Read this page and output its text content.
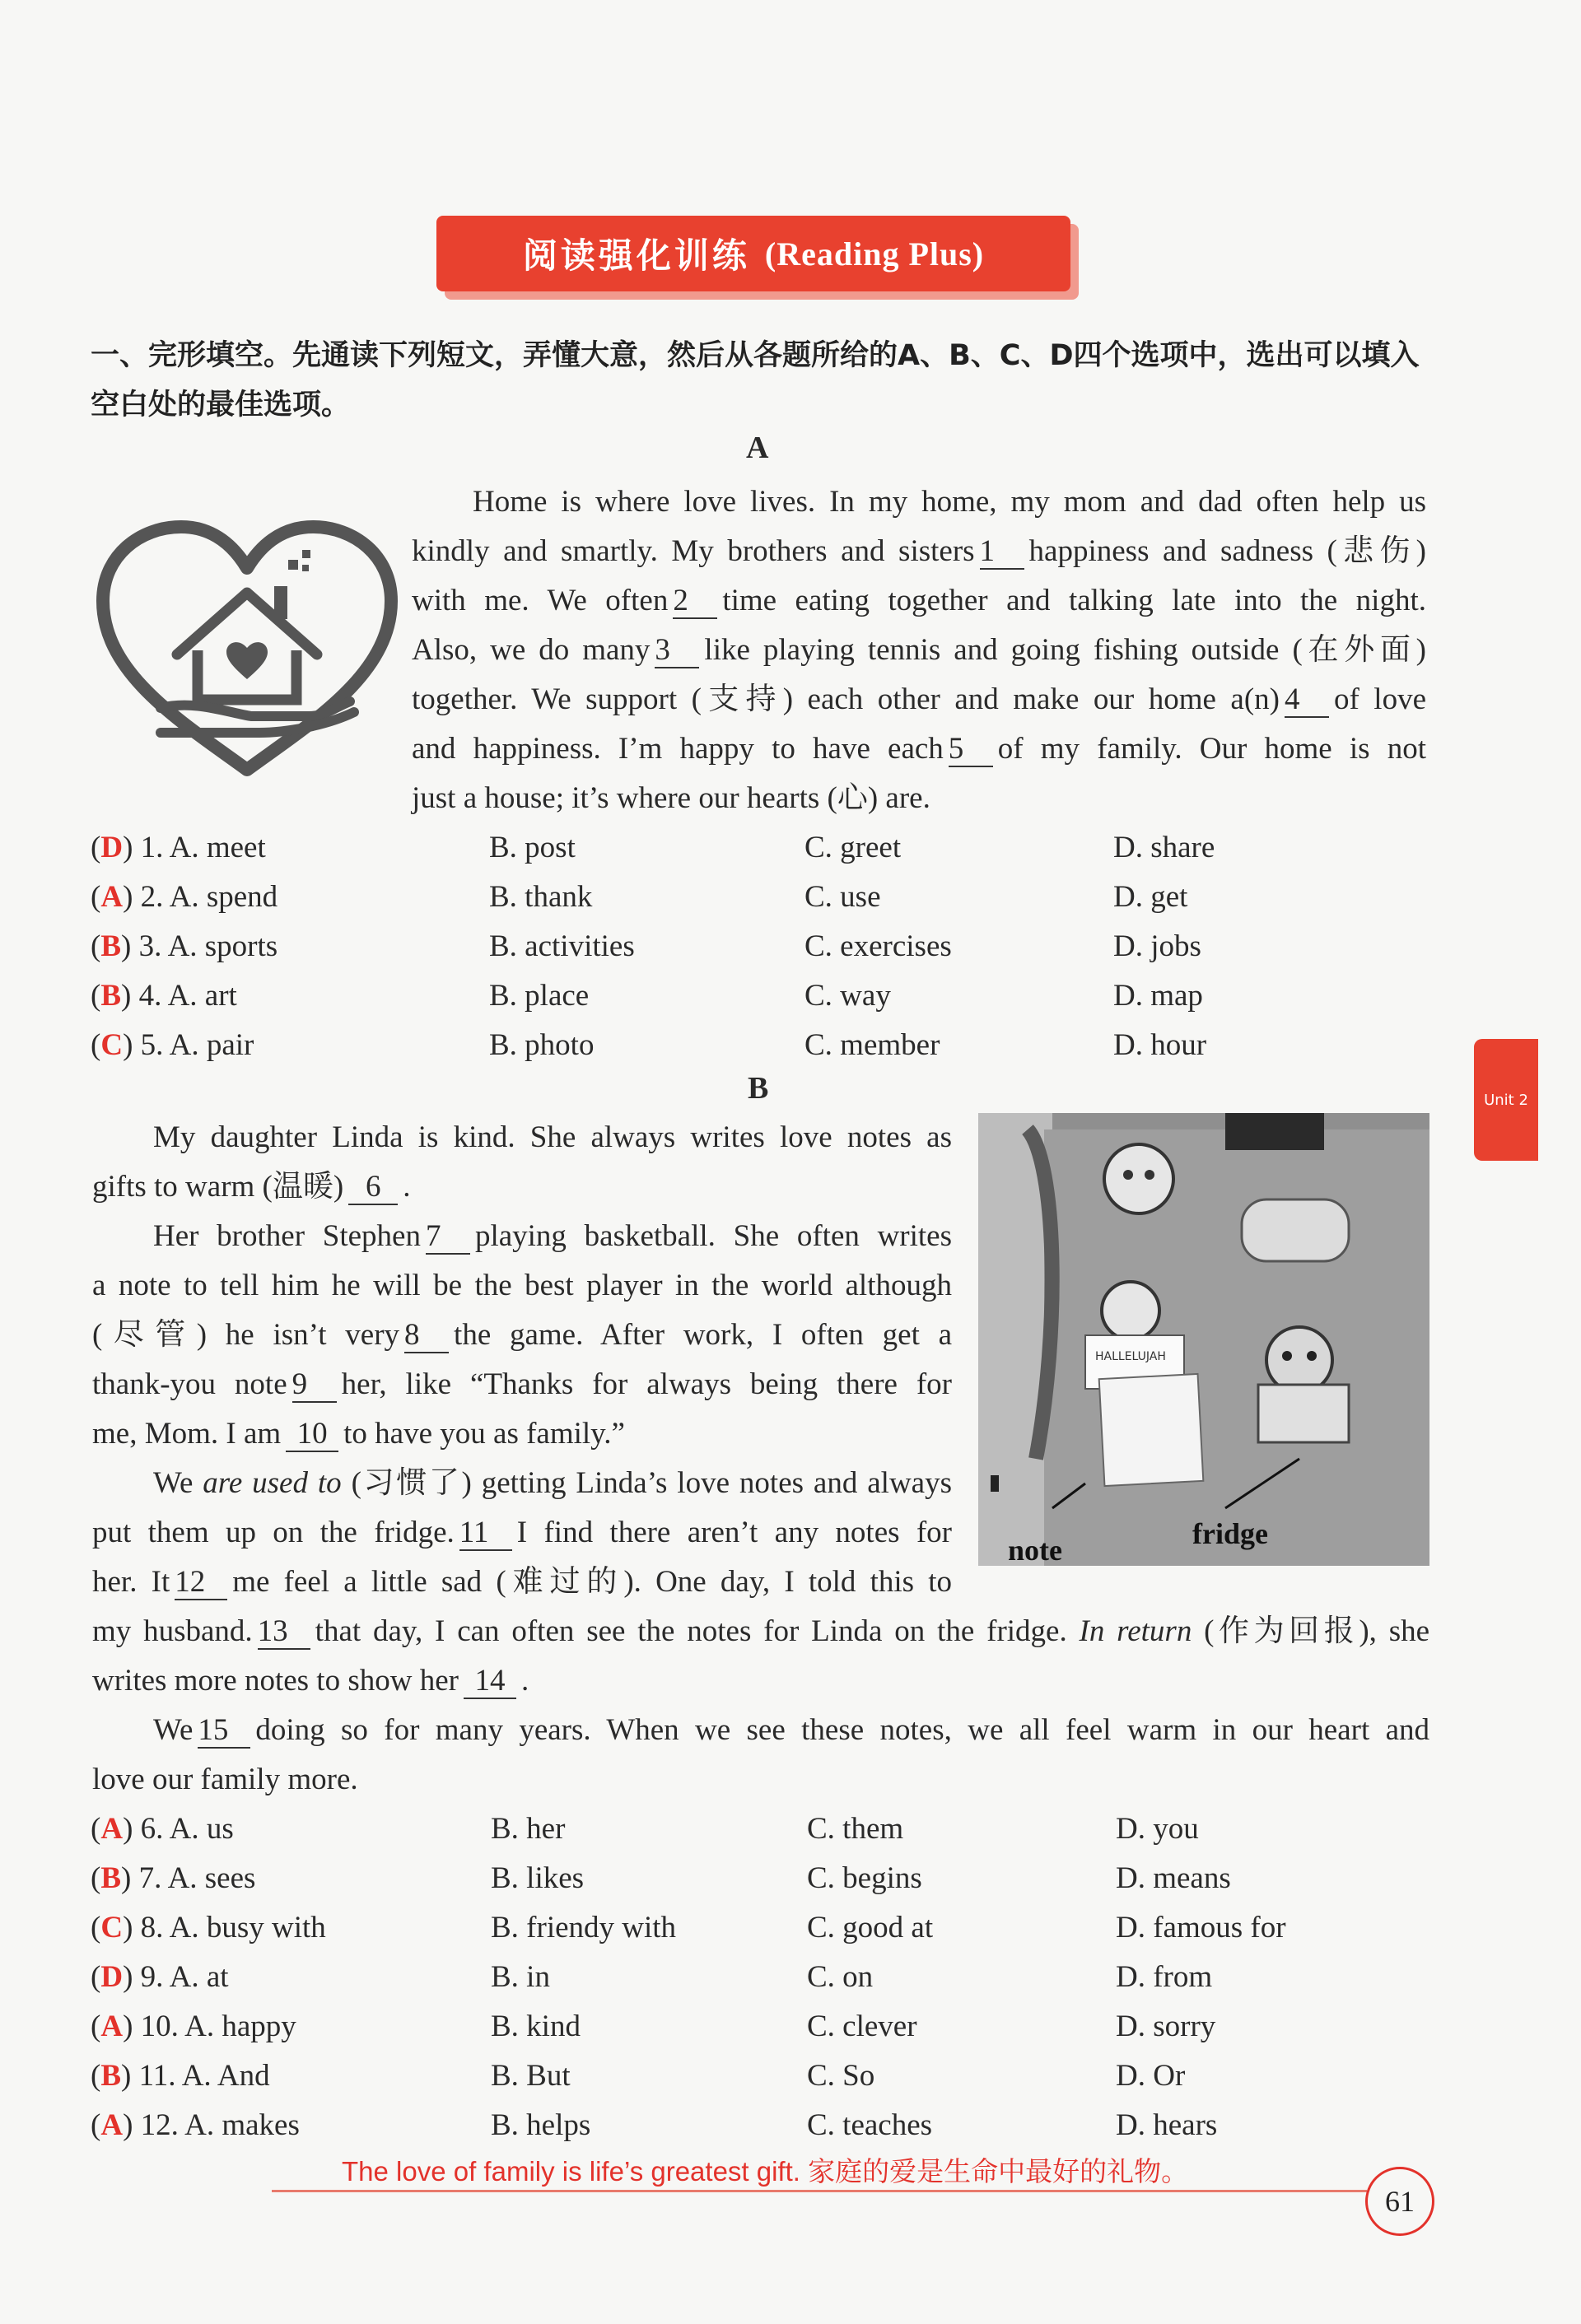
阅读强化训练 (Reading Plus)
一、完形填空。先通读下列短文，弄懂大意，然后从各题所给的A、B、C、D四个选项中，选出可以填入空白处的最佳选项。
A
Home is where love lives. In my home, my mom and dad often help us
kindly and smartly. My brothers and sisters 1 happiness and sadness (悲伤)
with me. We often 2 time eating together and talking late into the night.
Also, we do many 3 like playing tennis and going fishing outside (在外面)
together. We support (支持) each other and make our home a(n) 4 of love
and happiness. I’m happy to have each 5 of my family. Our home is not
just a house; it’s where our hearts (心) are.
(D) 1. A. meet	B. post	C. greet	D. share
(A) 2. A. spend	B. thank	C. use	D. get
(B) 3. A. sports	B. activities	C. exercises	D. jobs
(B) 4. A. art	B. place	C. way	D. map
(C) 5. A. pair	B. photo	C. member	D. hour
Unit 2
B
HALLELUJAH
note	fridge
My daughter Linda is kind. She always writes love notes as
gifts to warm (温暖) 6 .
Her brother Stephen 7 playing basketball. She often writes
a note to tell him he will be the best player in the world although
(尽管) he isn’t very 8 the game. After work, I often get a
thank-you note 9 her, like “Thanks for always being there for
me, Mom. I am 10 to have you as family.”
We are used to (习惯了) getting Linda’s love notes and always
put them up on the fridge. 11 I find there aren’t any notes for
her. It 12 me feel a little sad (难过的). One day, I told this to
my husband. 13 that day, I can often see the notes for Linda on the fridge. In return (作为回报), she
writes more notes to show her 14 .
We 15 doing so for many years. When we see these notes, we all feel warm in our heart and
love our family more.
(A) 6. A. us	B. her	C. them	D. you
(B) 7. A. sees	B. likes	C. begins	D. means
(C) 8. A. busy with	B. friendy with	C. good at	D. famous for
(D) 9. A. at	B. in	C. on	D. from
(A) 10. A. happy	B. kind	C. clever	D. sorry
(B) 11. A. And	B. But	C. So	D. Or
(A) 12. A. makes	B. helps	C. teaches	D. hears
The love of family is life’s greatest gift. 家庭的爱是生命中最好的礼物。
61
